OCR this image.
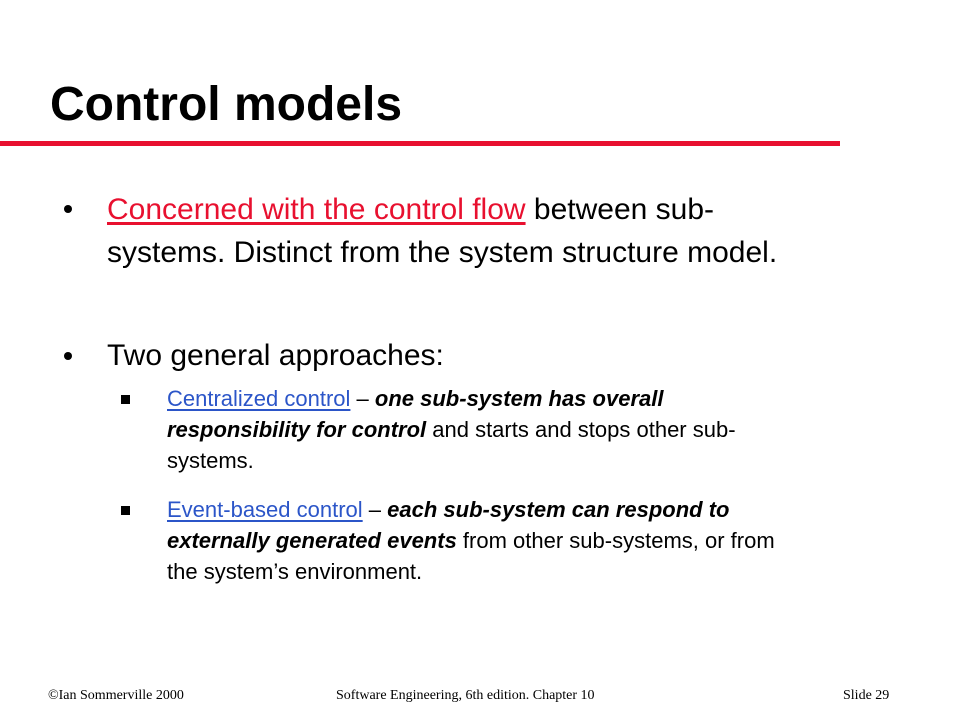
Control models
Concerned with the control flow between sub-systems. Distinct from the system structure model.
Two general approaches:
Centralized control – one sub-system has overall responsibility for control and starts and stops other sub-systems.
Event-based control – each sub-system can respond to externally generated events from other sub-systems, or from the system’s environment.
©Ian Sommerville 2000	Software Engineering, 6th edition. Chapter 10	Slide 29
